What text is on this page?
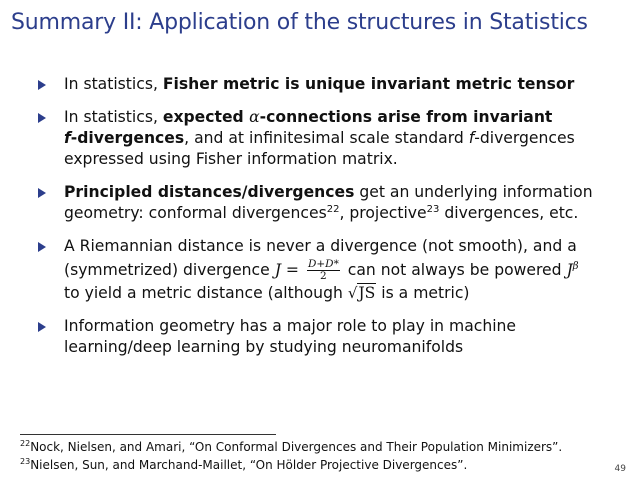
Summary II: Application of the structures in Statistics
In statistics, Fisher metric is unique invariant metric tensor
In statistics, expected α-connections arise from invariant
f-divergences, and at infinitesimal scale standard f-divergences
expressed using Fisher information matrix.
Principled distances/divergences get an underlying information
geometry: conformal divergences$^{22}$, projective$^{23}$ divergences, etc.
A Riemannian distance is never a divergence (not smooth), and a
(symmetrized) divergence $J = \frac{D+D*}{2}$ can not always be powered $J^\beta$
to yield a metric distance (although √JS is a metric)
Information geometry has a major role to play in machine
learning/deep learning by studying neuromanifolds
$^{22}$Nock, Nielsen, and Amari, “On Conformal Divergences and Their Population Minimizers”.
$^{23}$Nielsen, Sun, and Marchand-Maillet, “On Hölder Projective Divergences”.	49
